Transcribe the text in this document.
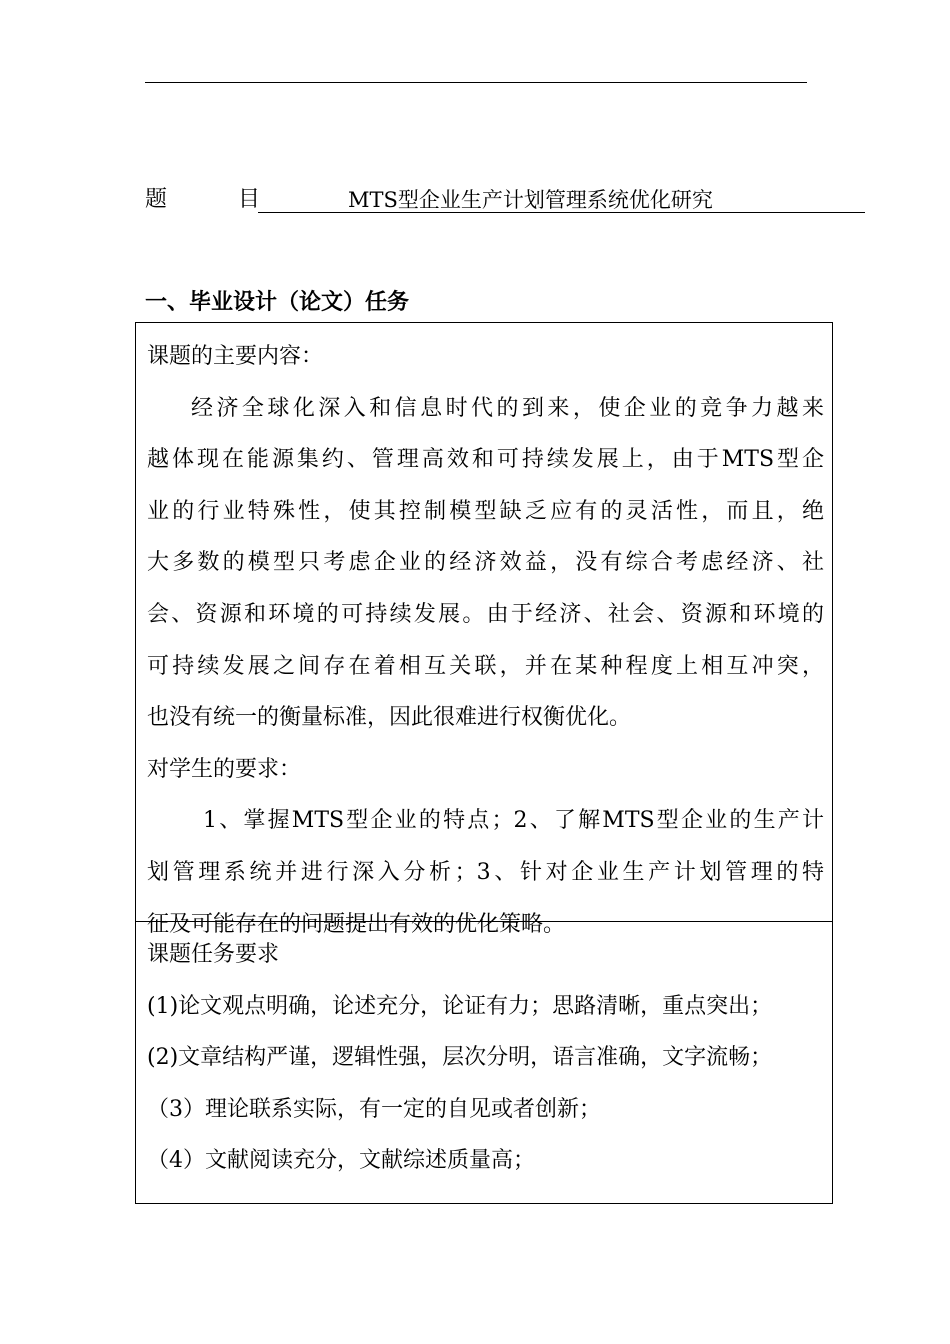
题 目	MTS型企业生产计划管理系统优化研究
一、毕业设计（论文）任务
课题的主要内容：
经济全球化深入和信息时代的到来，使企业的竞争力越来
越体现在能源集约、管理高效和可持续发展上，由于MTS型企
业的行业特殊性，使其控制模型缺乏应有的灵活性，而且，绝
大多数的模型只考虑企业的经济效益，没有综合考虑经济、社
会、资源和环境的可持续发展。由于经济、社会、资源和环境的
可持续发展之间存在着相互关联，并在某种程度上相互冲突，
也没有统一的衡量标准，因此很难进行权衡优化。
对学生的要求：
1、掌握MTS型企业的特点；2、了解MTS型企业的生产计
划管理系统并进行深入分析；3、针对企业生产计划管理的特
征及可能存在的问题提出有效的优化策略。
课题任务要求
(1)论文观点明确，论述充分，论证有力；思路清晰，重点突出；
(2)文章结构严谨，逻辑性强，层次分明，语言准确，文字流畅；
（3）理论联系实际，有一定的自见或者创新；
（4）文献阅读充分，文献综述质量高；
